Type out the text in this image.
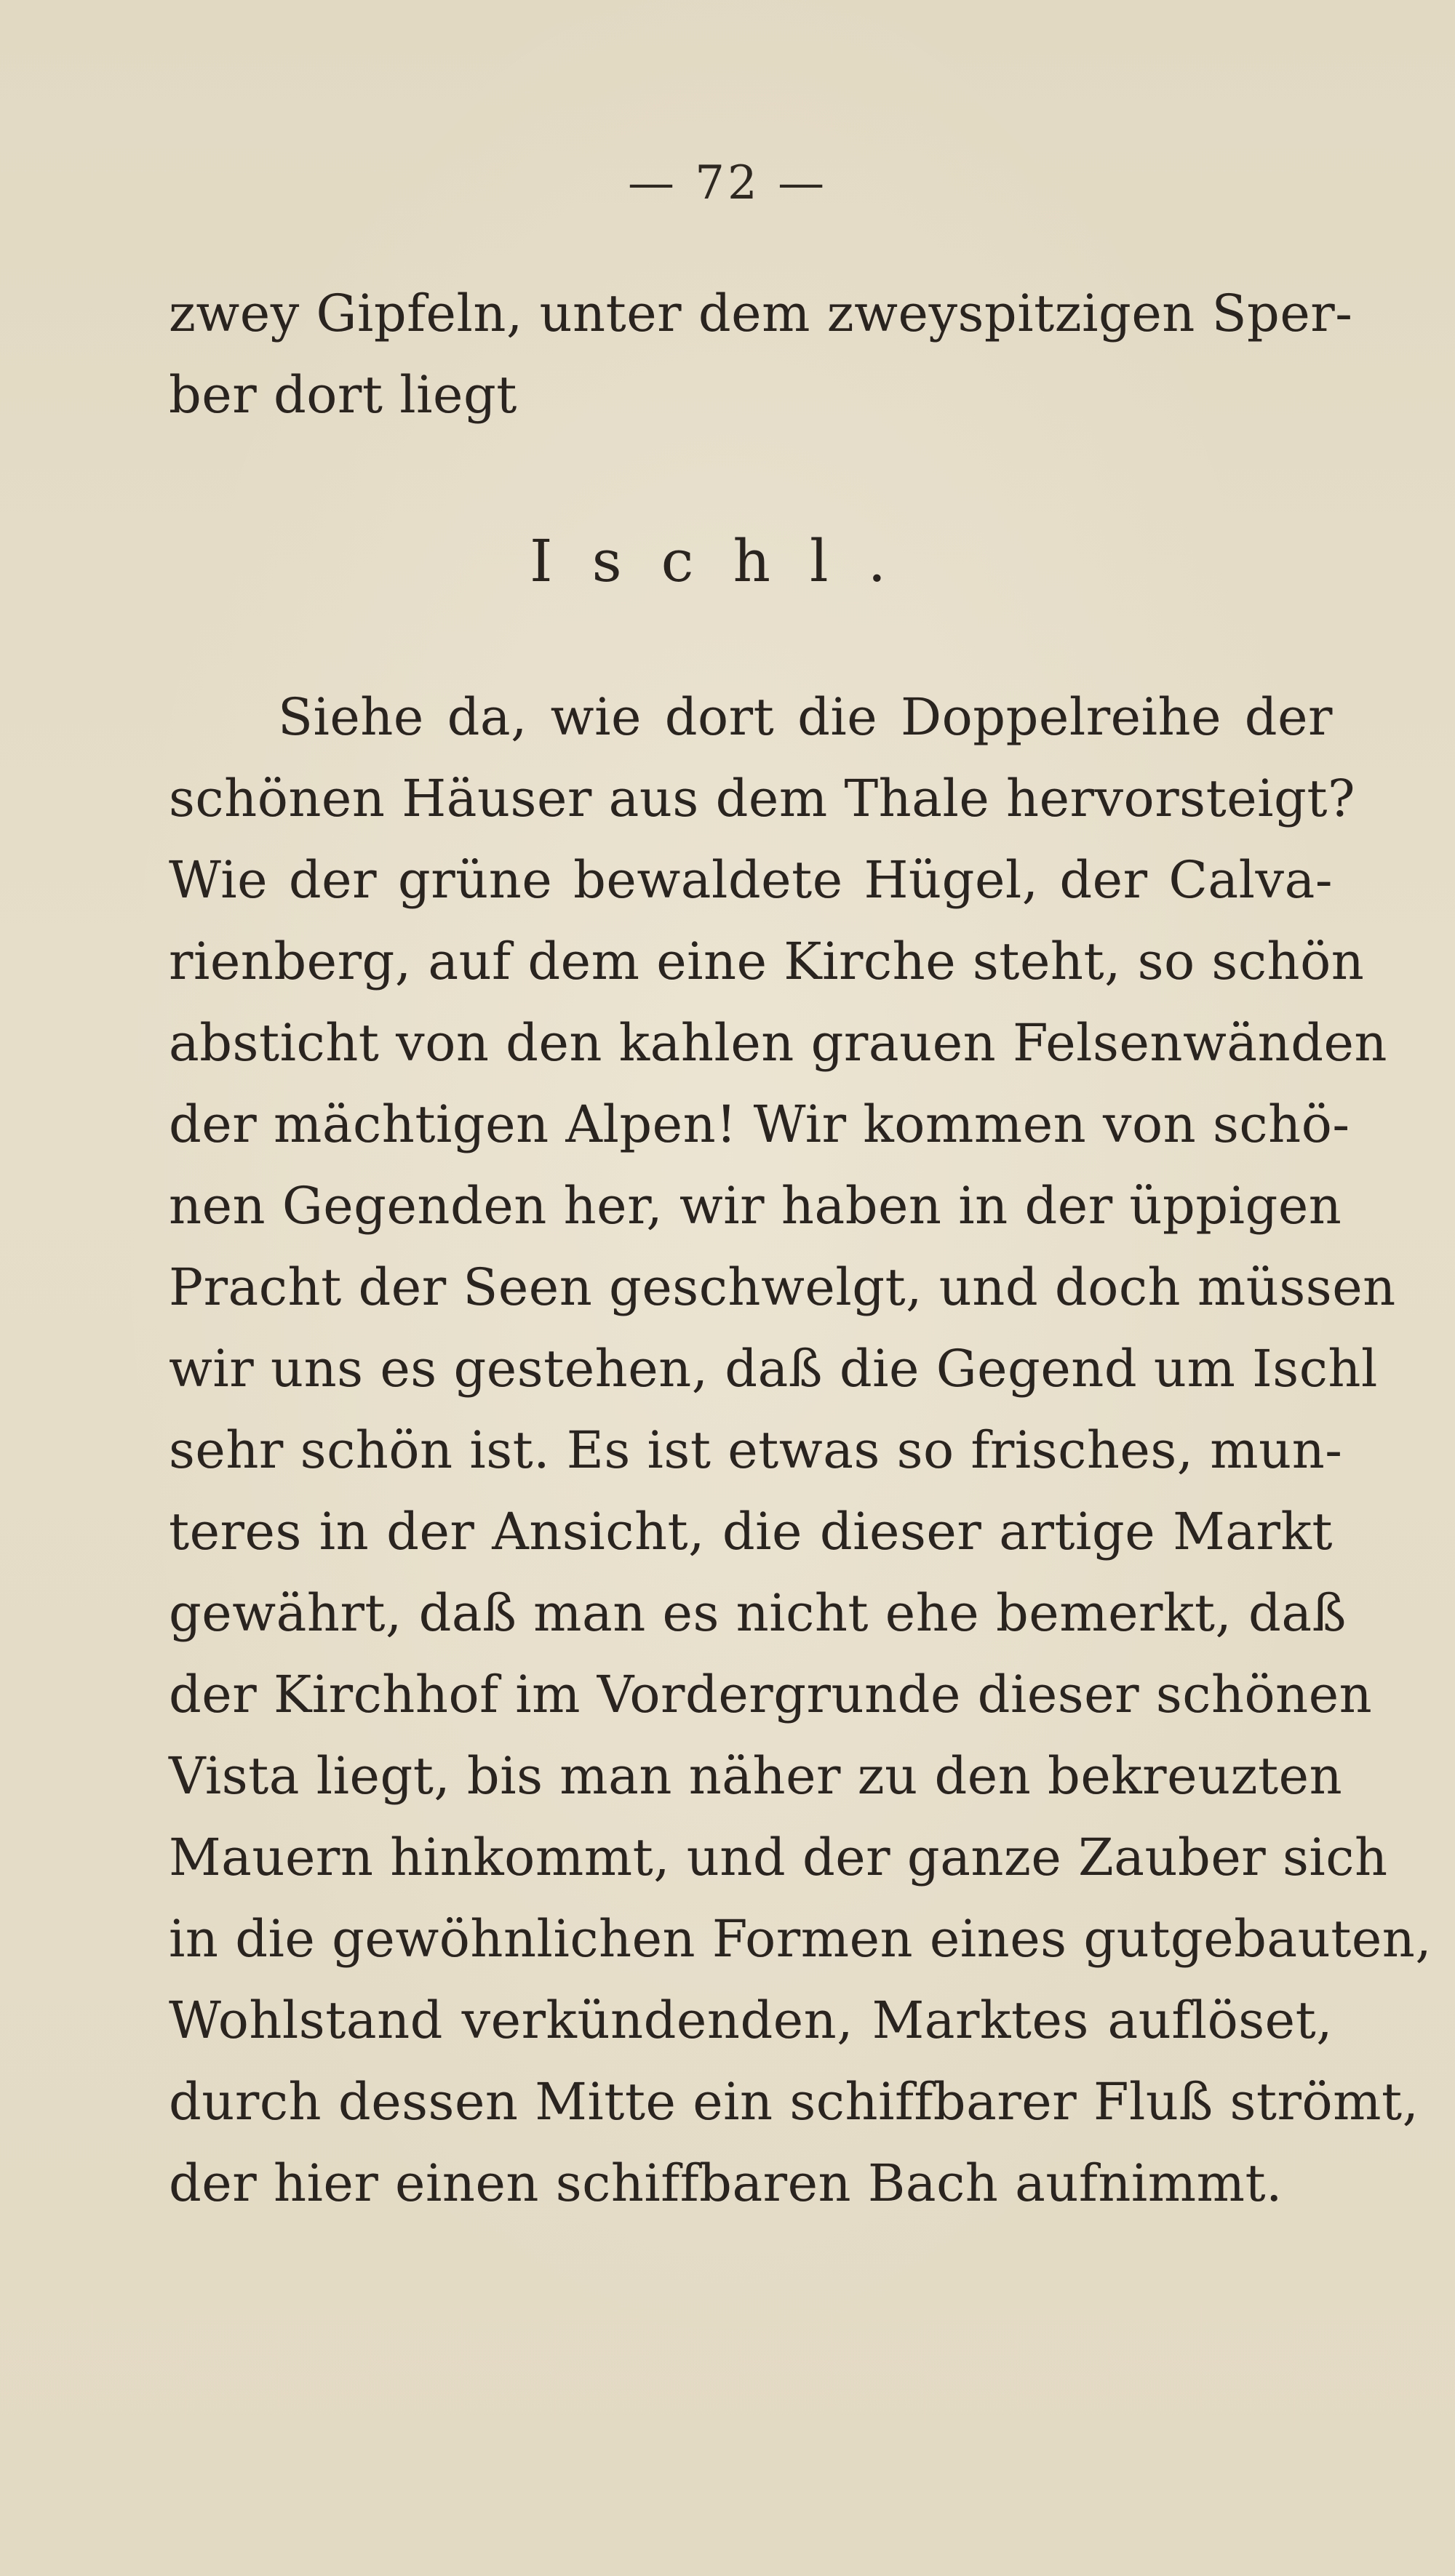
— 72 —
zwey Gipfeln, unter dem zweyspitzigen Sper-
ber dort liegt
Ischl.
Siehe da, wie dort die Doppelreihe der
schönen Häuser aus dem Thale hervorsteigt?
Wie der grüne bewaldete Hügel, der Calva-
rienberg, auf dem eine Kirche steht, so schön
absticht von den kahlen grauen Felsenwänden
der mächtigen Alpen! Wir kommen von schö-
nen Gegenden her, wir haben in der üppigen
Pracht der Seen geschwelgt, und doch müssen
wir uns es gestehen, daß die Gegend um Ischl
sehr schön ist. Es ist etwas so frisches, mun-
teres in der Ansicht, die dieser artige Markt
gewährt, daß man es nicht ehe bemerkt, daß
der Kirchhof im Vordergrunde dieser schönen
Vista liegt, bis man näher zu den bekreuzten
Mauern hinkommt, und der ganze Zauber sich
in die gewöhnlichen Formen eines gutgebauten,
Wohlstand verkündenden, Marktes auflöset,
durch dessen Mitte ein schiffbarer Fluß strömt,
der hier einen schiffbaren Bach aufnimmt.
